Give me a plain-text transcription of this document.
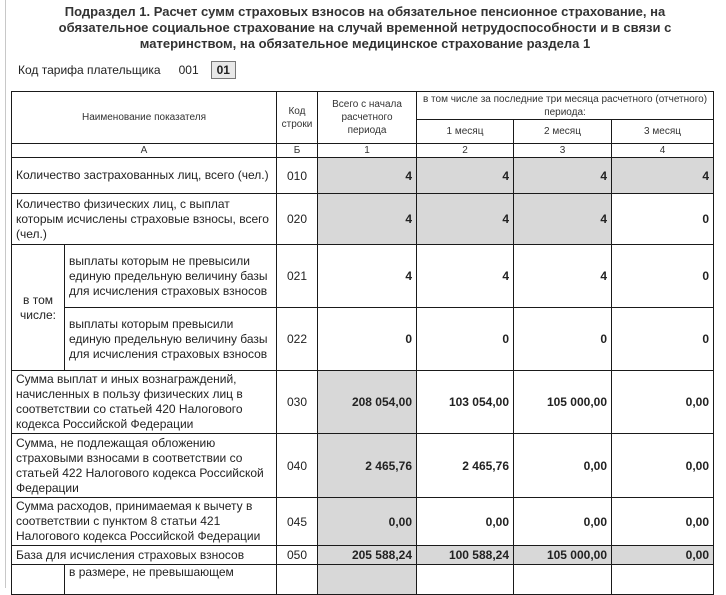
Подраздел 1. Расчет сумм страховых взносов на обязательное пенсионное страхование, на обязательное социальное страхование на случай временной нетрудоспособности и в связи с материнством, на обязательное медицинское страхование раздела 1
Код тарифа плательщика 001	01
Наименование показателя		Код строки	Всего с начала расчетного периода	в том числе за последние три месяца расчетного (отчетного) периода:		
				1 месяц	2 месяц	3 месяц
А		Б	1	2	3	4
Количество застрахованных лиц, всего (чел.)		010	4	4	4	4
Количество физических лиц, с выплат которым исчислены страховые взносы, всего (чел.)		020	4	4	4	0
в том числе:	выплаты которым не превысили единую предельную величину базы для исчисления страховых взносов	021	4	4	4	0
	выплаты которым превысили единую предельную величину базы для исчисления страховых взносов	022	0	0	0	0
Сумма выплат и иных вознаграждений, начисленных в пользу физических лиц в соответствии со статьей 420 Налогового кодекса Российской Федерации		030	208 054,00	103 054,00	105 000,00	0,00
Сумма, не подлежащая обложению страховыми взносами в соответствии со статьей 422 Налогового кодекса Российской Федерации		040	2 465,76	2 465,76	0,00	0,00
Сумма расходов, принимаемая к вычету в соответствии с пунктом 8 статьи 421 Налогового кодекса Российской Федерации		045	0,00	0,00	0,00	0,00
База для исчисления страховых взносов		050	205 588,24	100 588,24	105 000,00	0,00
	в размере, не превышающем					
